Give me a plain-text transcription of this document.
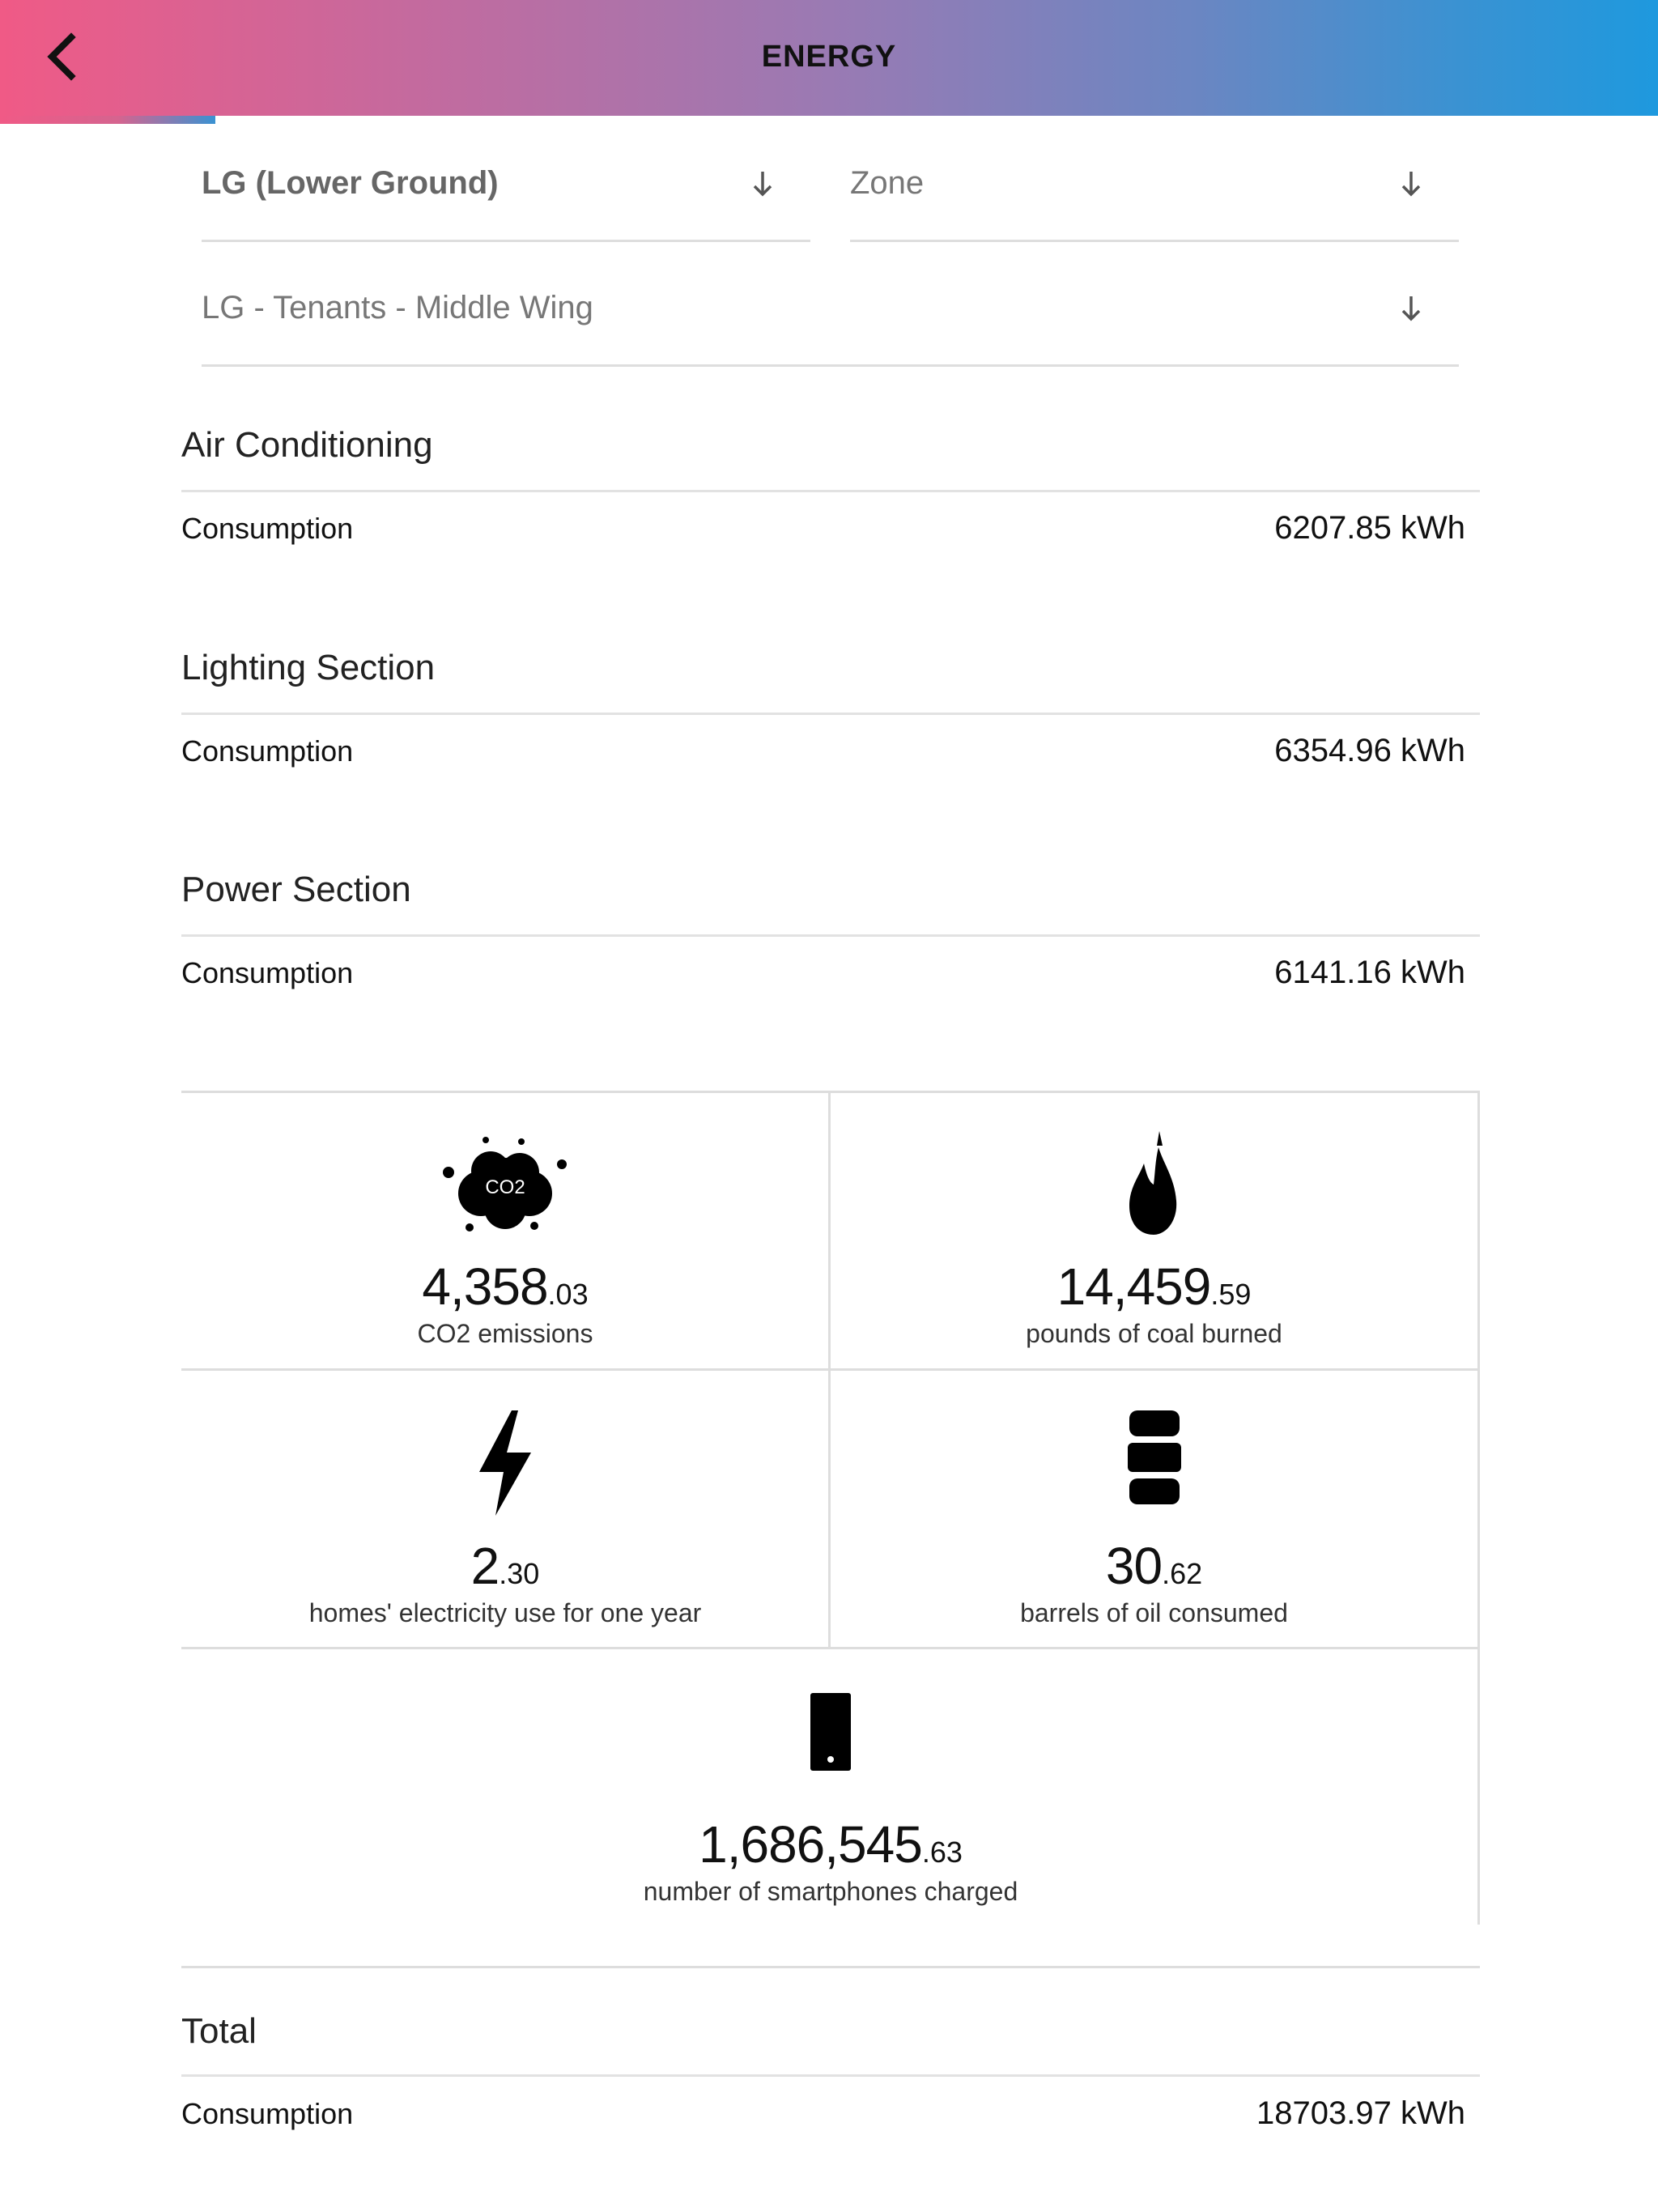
ENERGY
LG (Lower Ground)	Zone
LG - Tenants - Middle Wing
Air Conditioning
Consumption	6207.85 kWh
Lighting Section
Consumption	6354.96 kWh
Power Section
Consumption	6141.16 kWh
CO2
4,358.03
CO2 emissions
14,459.59
pounds of coal burned
2.30
homes' electricity use for one year
30.62
barrels of oil consumed
1,686,545.63
number of smartphones charged
Total
Consumption	18703.97 kWh
